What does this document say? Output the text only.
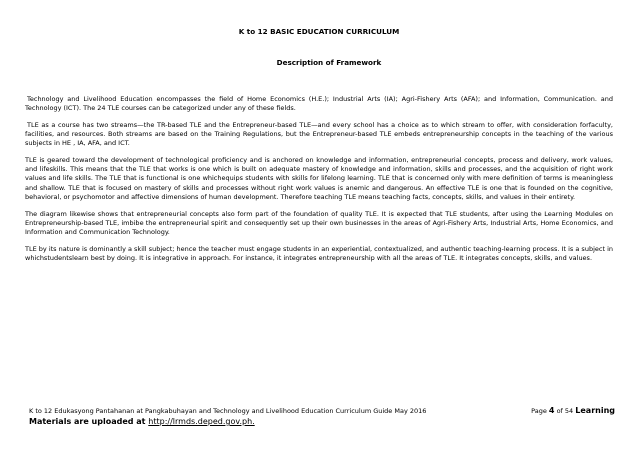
K to 12 BASIC EDUCATION CURRICULUM
Description of Framework

Technology and Livelihood Education encompasses the field of Home Economics (H.E.); Industrial Arts (IA); Agri-Fishery Arts (AFA); and Information, Communication. and Technology (ICT). The 24 TLE courses can be categorized under any of these fields.

TLE as a course has two streams—the TR-based TLE and the Entrepreneur-based TLE—and every school has a choice as to which stream to offer, with consideration forfaculty, facilities, and resources. Both streams are based on the Training Regulations, but the Entrepreneur-based TLE embeds entrepreneurship concepts in the teaching of the various subjects in HE , IA, AFA, and ICT.

TLE is geared toward the development of technological proficiency and is anchored on knowledge and information, entrepreneurial concepts, process and delivery, work values, and lifeskills. This means that the TLE that works is one which is built on adequate mastery of knowledge and information, skills and processes, and the acquisition of right work values and life skills. The TLE that is functional is one whichequips students with skills for lifelong learning. TLE that is concerned only with mere definition of terms is meaningless and shallow. TLE that is focused on mastery of skills and processes without right work values is anemic and dangerous. An effective TLE is one that is founded on the cognitive, behavioral, or psychomotor and affective dimensions of human development. Therefore teaching TLE means teaching facts, concepts, skills, and values in their entirety.

The diagram likewise shows that entrepreneurial concepts also form part of the foundation of quality TLE. It is expected that TLE students, after using the Learning Modules on Entrepreneurship-based TLE, imbibe the entrepreneurial spirit and consequently set up their own businesses in the areas of Agri-Fishery Arts, Industrial Arts, Home Economics, and Information and Communication Technology.

TLE by its nature is dominantly a skill subject; hence the teacher must engage students in an experiential, contextualized, and authentic teaching-learning process. It is a subject in whichstudentslearn best by doing. It is integrative in approach. For instance, it integrates entrepreneurship with all the areas of TLE. It integrates concepts, skills, and values.

K to 12 Edukasyong Pantahanan at Pangkabuhayan and Technology and Livelihood Education Curriculum Guide May 2016	Page 4 of 54 Learning
Materials are uploaded at http://lrmds.deped.gov.ph.
